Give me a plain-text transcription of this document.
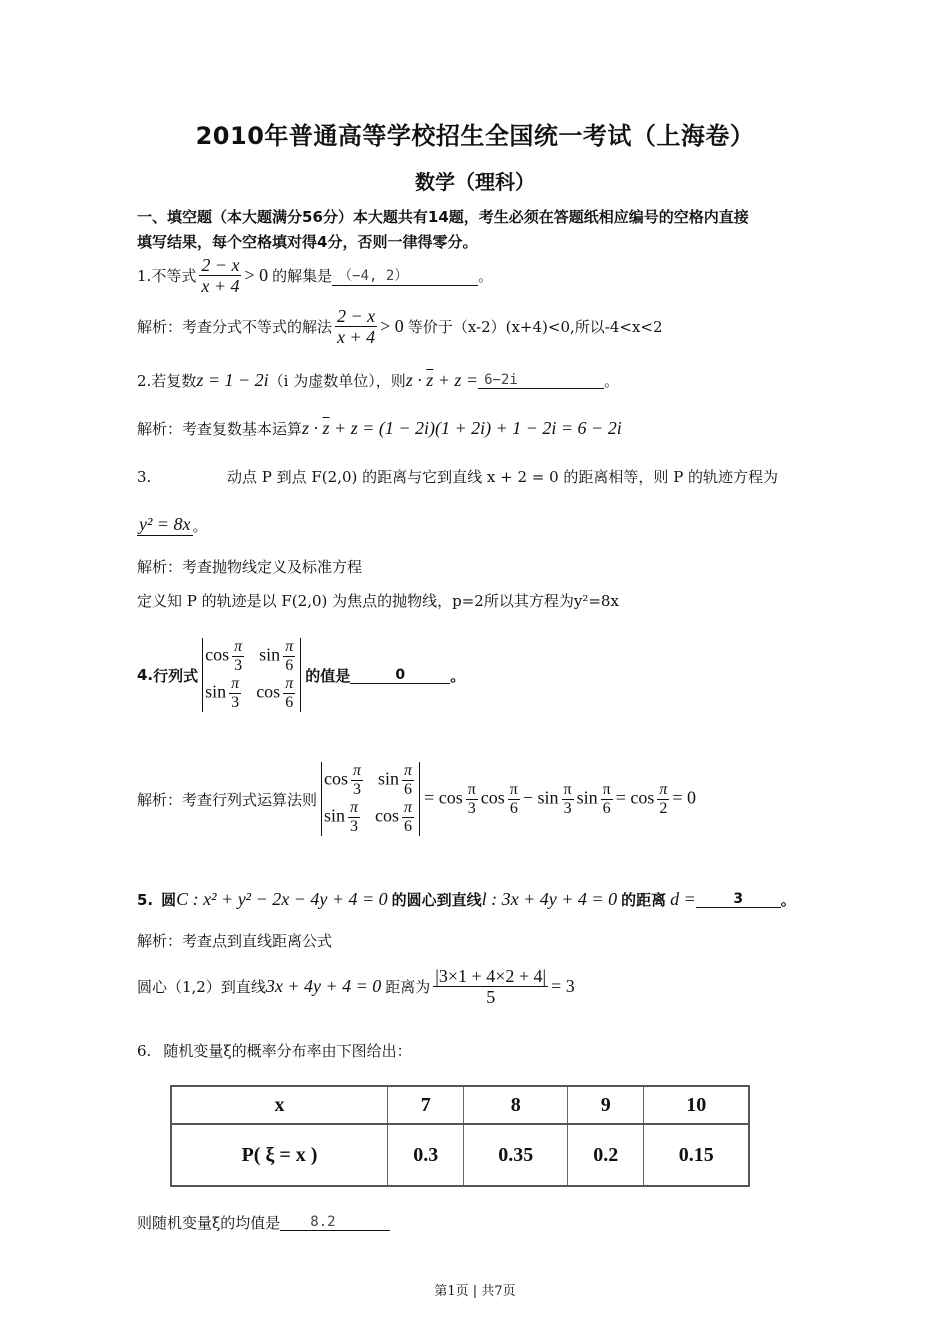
2010年普通高等学校招生全国统一考试（上海卷）
数学（理科）
一、填空题（本大题满分56分）本大题共有14题，考生必须在答题纸相应编号的空格内直接
填写结果，每个空格填对得4分，否则一律得零分。
1. 不等式 $\frac{2 - x}{x + 4} > 0$ 的解集是 （−4, 2）	。
解析：考查分式不等式的解法 $\frac{2 - x}{x + 4} > 0$ 等价于（x-2）(x+4)<0,所以-4<x<2
2. 若复数 z = 1 − 2i （i 为虚数单位），则 $z \cdot \overline{z} + z = 6-2i$	。
解析：考查复数基本运算 $z \cdot \overline{z} + z = (1 - 2i)(1 + 2i) + 1 - 2i = 6 - 2i$
3.	动点 P 到点 F(2,0) 的距离与它到直线 x + 2 = 0 的距离相等，则 P 的轨迹方程为
y² = 8x 。
解析：考查抛物线定义及标准方程
定义知 P 的轨迹是以 F(2,0) 为焦点的抛物线，p=2所以其方程为y²=8x
4. 行列式
$\cos \frac{\pi}{3}$ $\sin \frac{\pi}{6}$
$\sin \frac{\pi}{3}$ $\cos \frac{\pi}{6}$ 的值是	0	。
解析：考查行列式运算法则
$\cos \frac{\pi}{3}$ $\sin \frac{\pi}{6}$
$\sin \frac{\pi}{3}$ $\cos \frac{\pi}{6}$
= $\cos \frac{\pi}{3}$ $\cos \frac{\pi}{6} - \sin \frac{\pi}{3}$ $\sin \frac{\pi}{6} = \cos \frac{\pi}{2} = 0$
5. 圆 C : x² + y² − 2x − 4y + 4 = 0 的圆心到直线 l : 3x + 4y + 4 = 0 的距离 d =	3	。
解析：考查点到直线距离公式
圆心（1,2）到直线 3x + 4y + 4 = 0 距离为 $\frac{|3\times 1 + 4\times 2 + 4|}{5} = 3$
6. 随机变量ξ的概率分布率由下图给出：
x	7	8	9	10
P( ξ = x )	0.3	0.35	0.2	0.15
则随机变量ξ的均值是	8.2
第1页 | 共7页
